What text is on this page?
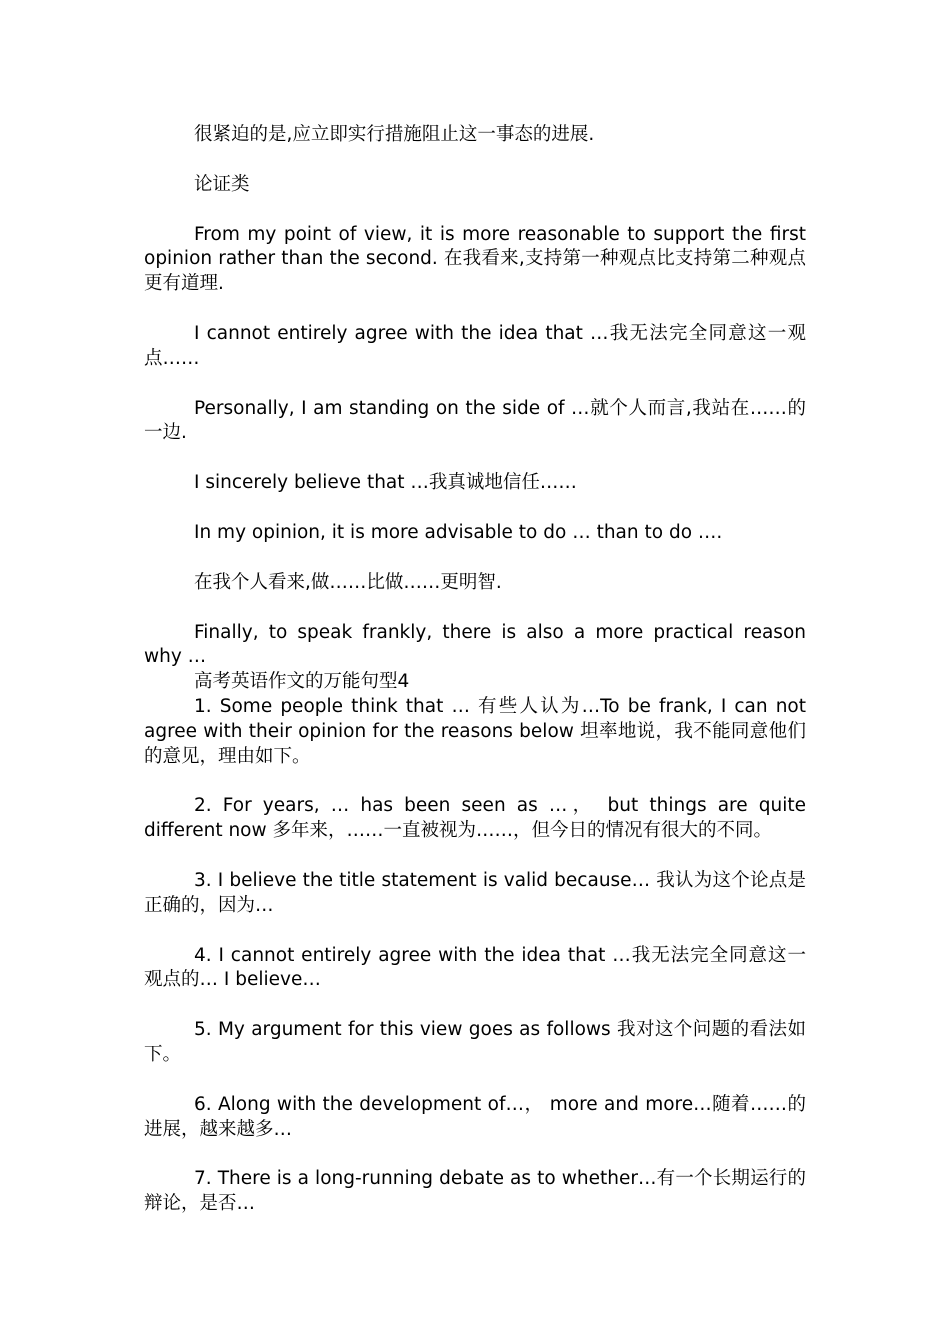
很紧迫的是,应立即实行措施阻止这一事态的进展.

论证类

From my point of view, it is more reasonable to support the first opinion rather than the second. 在我看来,支持第一种观点比支持第二种观点更有道理.

I cannot entirely agree with the idea that …我无法完全同意这一观点……

Personally, I am standing on the side of …就个人而言,我站在……的一边.

I sincerely believe that …我真诚地信任……

In my opinion, it is more advisable to do … than to do ….

在我个人看来,做……比做……更明智.

Finally, to speak frankly, there is also a more practical reason why …

高考英语作文的万能句型4

1. Some people think that … 有些人认为…To be frank, I can not agree with their opinion for the reasons below 坦率地说，我不能同意他们的意见，理由如下。

2. For years, … has been seen as …， but things are quite different now 多年来，……一直被视为……，但今日的情况有很大的不同。

3. I believe the title statement is valid because… 我认为这个论点是正确的，因为…

4. I cannot entirely agree with the idea that …我无法完全同意这一观点的… I believe…

5. My argument for this view goes as follows 我对这个问题的看法如下。

6. Along with the development of…， more and more…随着……的进展，越来越多…

7. There is a long-running debate as to whether…有一个长期运行的辩论，是否…
